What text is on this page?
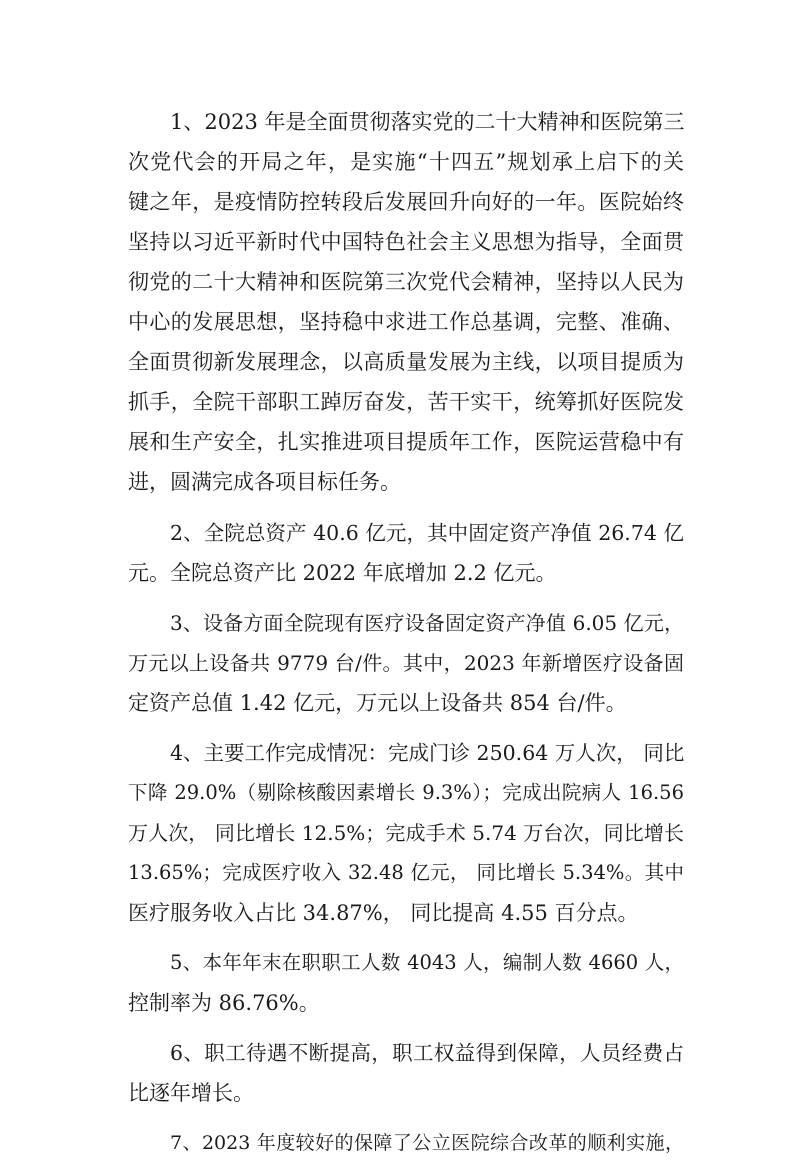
1、2023 年是全面贯彻落实党的二十大精神和医院第三
次党代会的开局之年，是实施“十四五”规划承上启下的关
键之年，是疫情防控转段后发展回升向好的一年。医院始终
坚持以习近平新时代中国特色社会主义思想为指导，全面贯
彻党的二十大精神和医院第三次党代会精神，坚持以人民为
中心的发展思想，坚持稳中求进工作总基调，完整、准确、
全面贯彻新发展理念，以高质量发展为主线，以项目提质为
抓手，全院干部职工踔厉奋发，苦干实干，统筹抓好医院发
展和生产安全，扎实推进项目提质年工作，医院运营稳中有
进，圆满完成各项目标任务。
2、全院总资产 40.6 亿元，其中固定资产净值 26.74 亿
元。全院总资产比 2022 年底增加 2.2 亿元。
3、设备方面全院现有医疗设备固定资产净值 6.05 亿元，
万元以上设备共 9779 台/件。其中，2023 年新增医疗设备固
定资产总值 1.42 亿元，万元以上设备共 854 台/件。
4、主要工作完成情况：完成门诊 250.64 万人次， 同比
下降 29.0%（剔除核酸因素增长 9.3%）；完成出院病人 16.56
万人次， 同比增长 12.5%；完成手术 5.74 万台次，同比增长
13.65%；完成医疗收入 32.48 亿元， 同比增长 5.34%。其中
医疗服务收入占比 34.87%， 同比提高 4.55 百分点。
5、本年年末在职职工人数 4043 人，编制人数 4660 人，
控制率为 86.76%。
6、职工待遇不断提高，职工权益得到保障，人员经费占
比逐年增长。
7、2023 年度较好的保障了公立医院综合改革的顺利实施，
